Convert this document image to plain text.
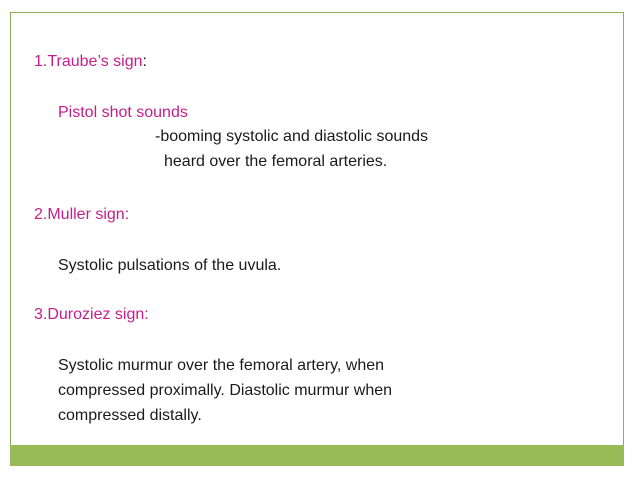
1.Traube’s sign:
Pistol shot sounds
-booming systolic and diastolic sounds
heard over the femoral arteries.
2.Muller sign:
Systolic pulsations of the uvula.
3.Duroziez sign:
Systolic murmur over the femoral artery, when
compressed proximally. Diastolic murmur when
compressed distally.
